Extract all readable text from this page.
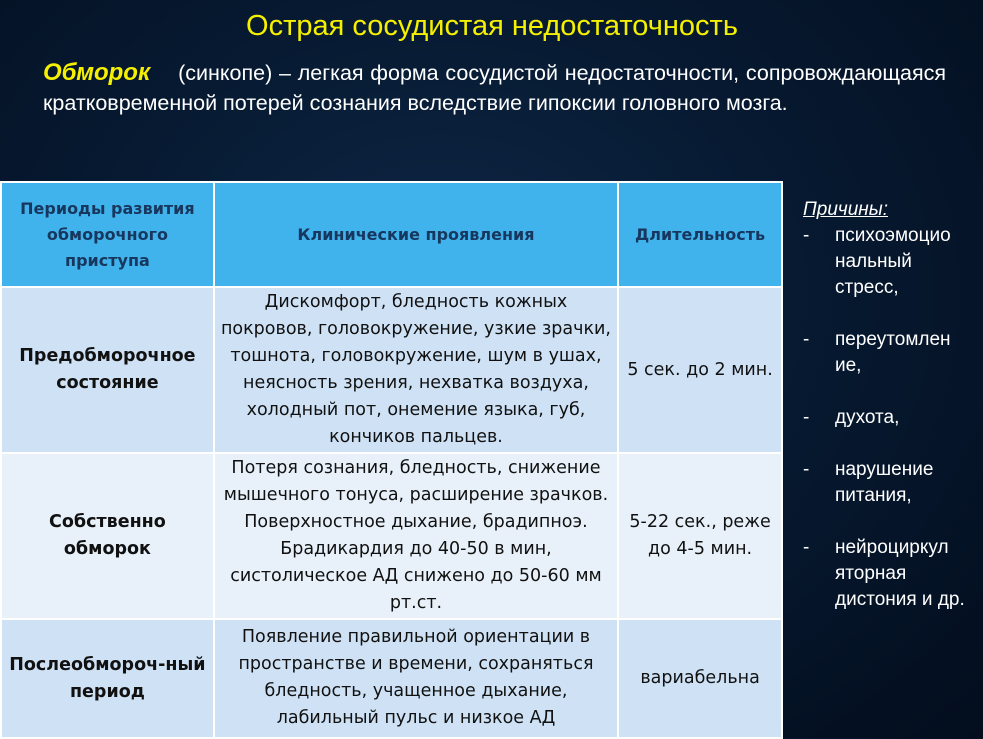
Острая сосудистая недостаточность
Обморок (синкопе) – легкая форма сосудистой недостаточности, сопровождающаяся кратковременной потерей сознания вследствие гипоксии головного мозга.
Периоды развития обморочного приступа	Клинические проявления	Длительность
Предобморочное состояние	Дискомфорт, бледность кожных покровов, головокружение, узкие зрачки, тошнота, головокружение, шум в ушах, неясность зрения, нехватка воздуха, холодный пот, онемение языка, губ, кончиков пальцев.	5 сек. до 2 мин.
Собственно обморок	Потеря сознания, бледность, снижение мышечного тонуса, расширение зрачков. Поверхностное дыхание, брадипноэ. Брадикардия до 40-50 в мин, систолическое АД снижено до 50-60 мм рт.ст.	5-22 сек., реже до 4-5 мин.
Послеобмороч-ный период	Появление правильной ориентации в пространстве и времени, сохраняться бледность, учащенное дыхание, лабильный пульс и низкое АД	вариабельна
Причины:
- психоэмоцио нальный стресс,
- переутомлен ие,
- духота,
- нарушение питания,
- нейроциркул яторная дистония и др.
